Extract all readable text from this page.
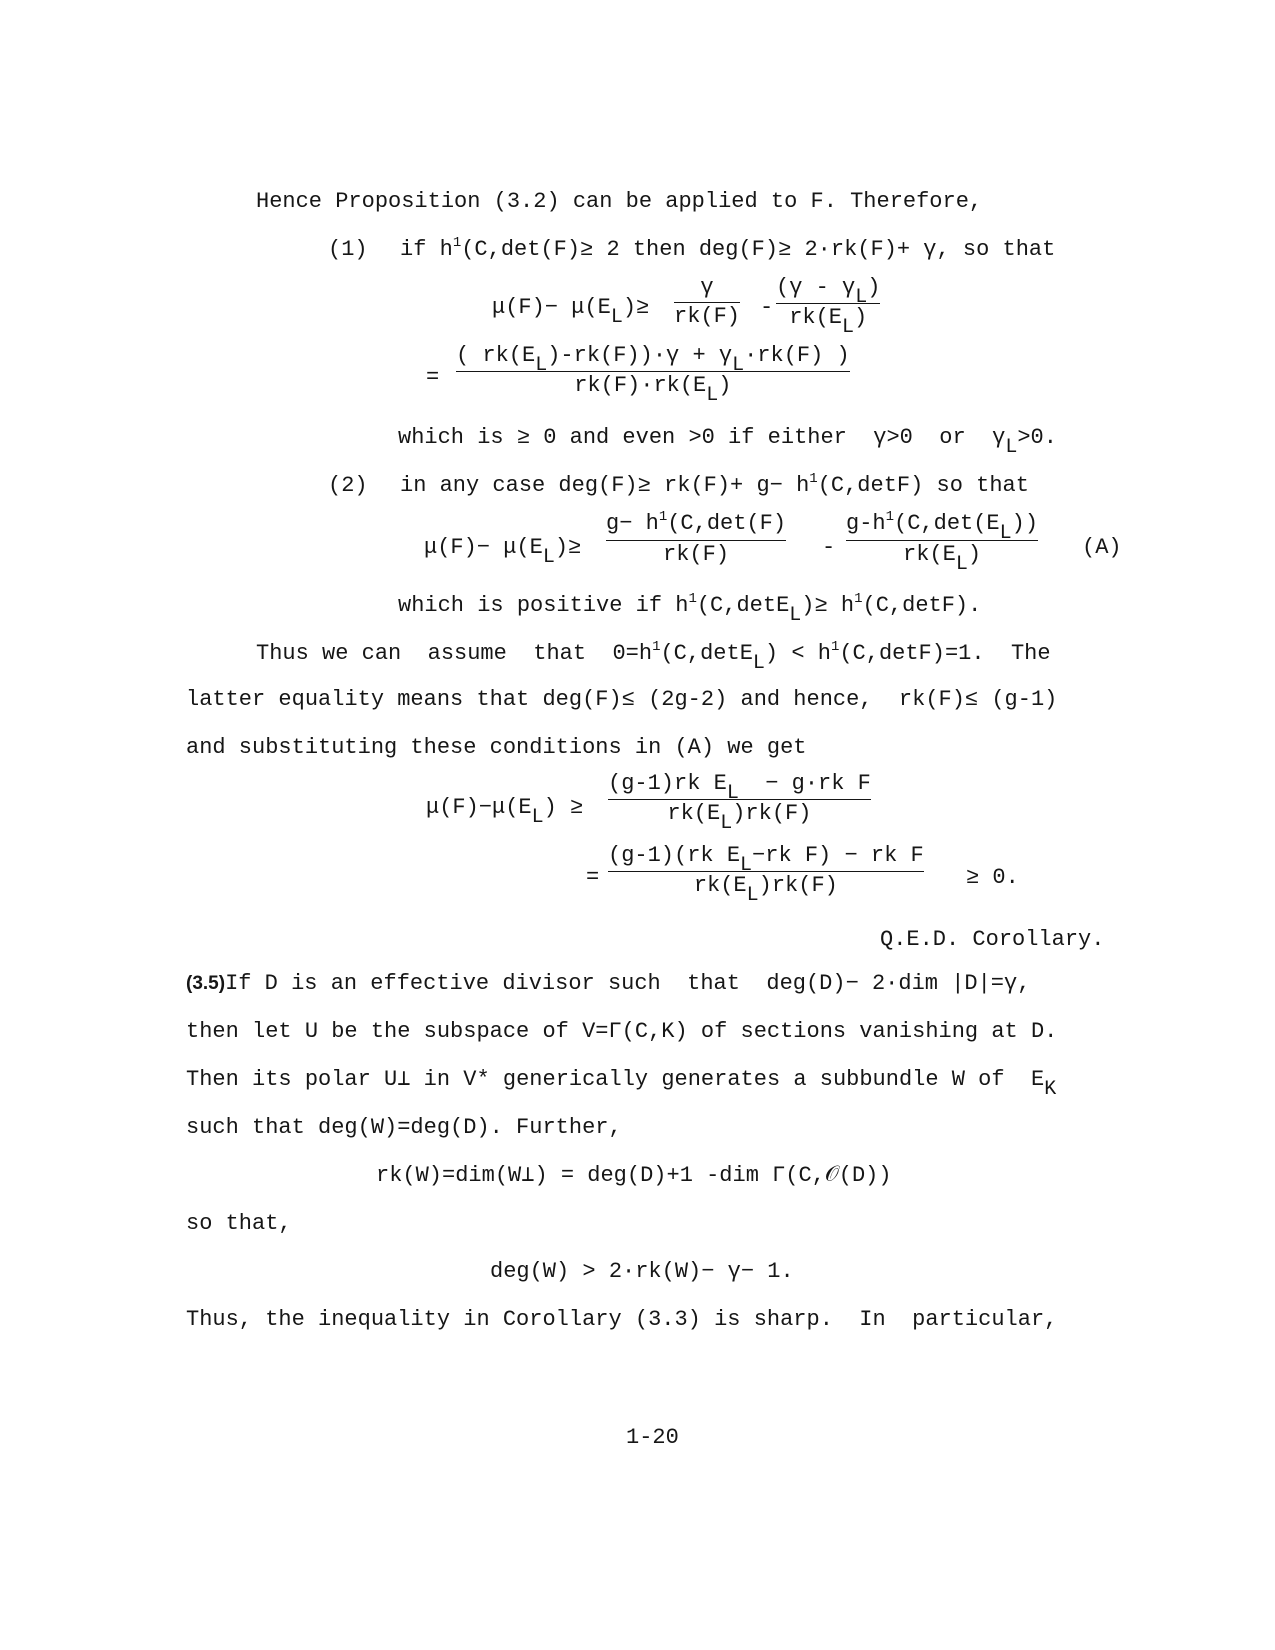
Hence Proposition (3.2) can be applied to F. Therefore,
(1) if $h^1(C,\det(F)\ge 2$ then deg(F)≥ 2·rk(F)+ γ, so that
μ(F)− μ(EL)≥
γ
rk(F) -
(γ - γL)
rk(EL)
=
( rk(EL)-rk(F))·γ + γL·rk(F) )
rk(F)·rk(EL)
which is ≥ 0 and even >0 if either  γ>0  or  γL>0.
(2) in any case $deg(F)\ge rk(F)+ g- h^1(C,\det F)$ so that
μ(F)− μ(EL)≥
$g- h^1(C,\det(F)$
rk(F)	-
$g-h^1(C,\det(EL))$
rk(EL)	(A)
which is positive if $h^1(C,detEL)\ge h^1(C,\det F)$.
Thus we can  assume  that  $0=h^1(C,detEL) < h^1(C,\det F)=1$.  The
latter equality means that deg(F)≤ (2g-2) and hence,  rk(F)≤ (g-1)
and substituting these conditions in (A) we get
μ(F)−μ(EL) ≥
(g-1)rk EL  − g·rk F
rk(EL)rk(F)
=
(g-1)(rk EL−rk F) − rk F
rk(EL)rk(F)	≥ 0.
Q.E.D. Corollary.
(3.5)If D is an effective divisor such  that  deg(D)− 2·dim |D|=γ,
then let U be the subspace of V=Γ(C,K) of sections vanishing at D.
Then its polar U⊥ in V* generically generates a subbundle W of  EK
such that deg(W)=deg(D). Further,
rk(W)=dim(W⊥) = deg(D)+1 -dim Γ(C,𝒪(D))
so that,
deg(W) > 2·rk(W)− γ− 1.
Thus, the inequality in Corollary (3.3) is sharp.  In  particular,
1-20
